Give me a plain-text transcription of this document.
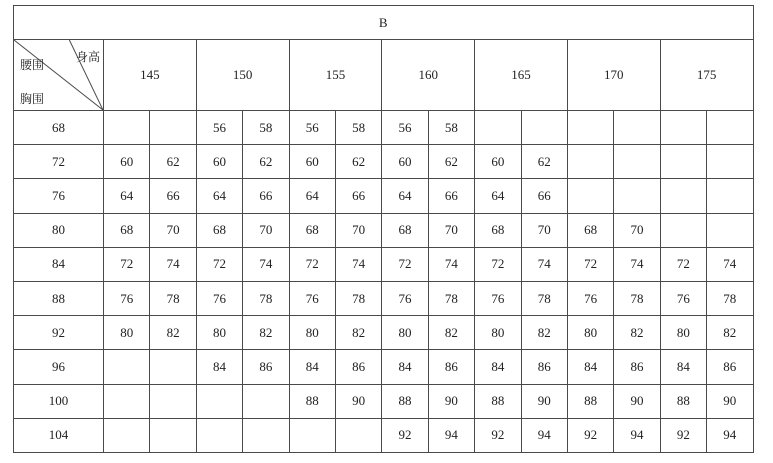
B														

身高
腰围
胸围	145		150		155		160		165		170		175	
68			56	58	56	58	56	58						
72	60	62	60	62	60	62	60	62	60	62				
76	64	66	64	66	64	66	64	66	64	66				
80	68	70	68	70	68	70	68	70	68	70	68	70		
84	72	74	72	74	72	74	72	74	72	74	72	74	72	74
88	76	78	76	78	76	78	76	78	76	78	76	78	76	78
92	80	82	80	82	80	82	80	82	80	82	80	82	80	82
96			84	86	84	86	84	86	84	86	84	86	84	86
100					88	90	88	90	88	90	88	90	88	90
104							92	94	92	94	92	94	92	94
